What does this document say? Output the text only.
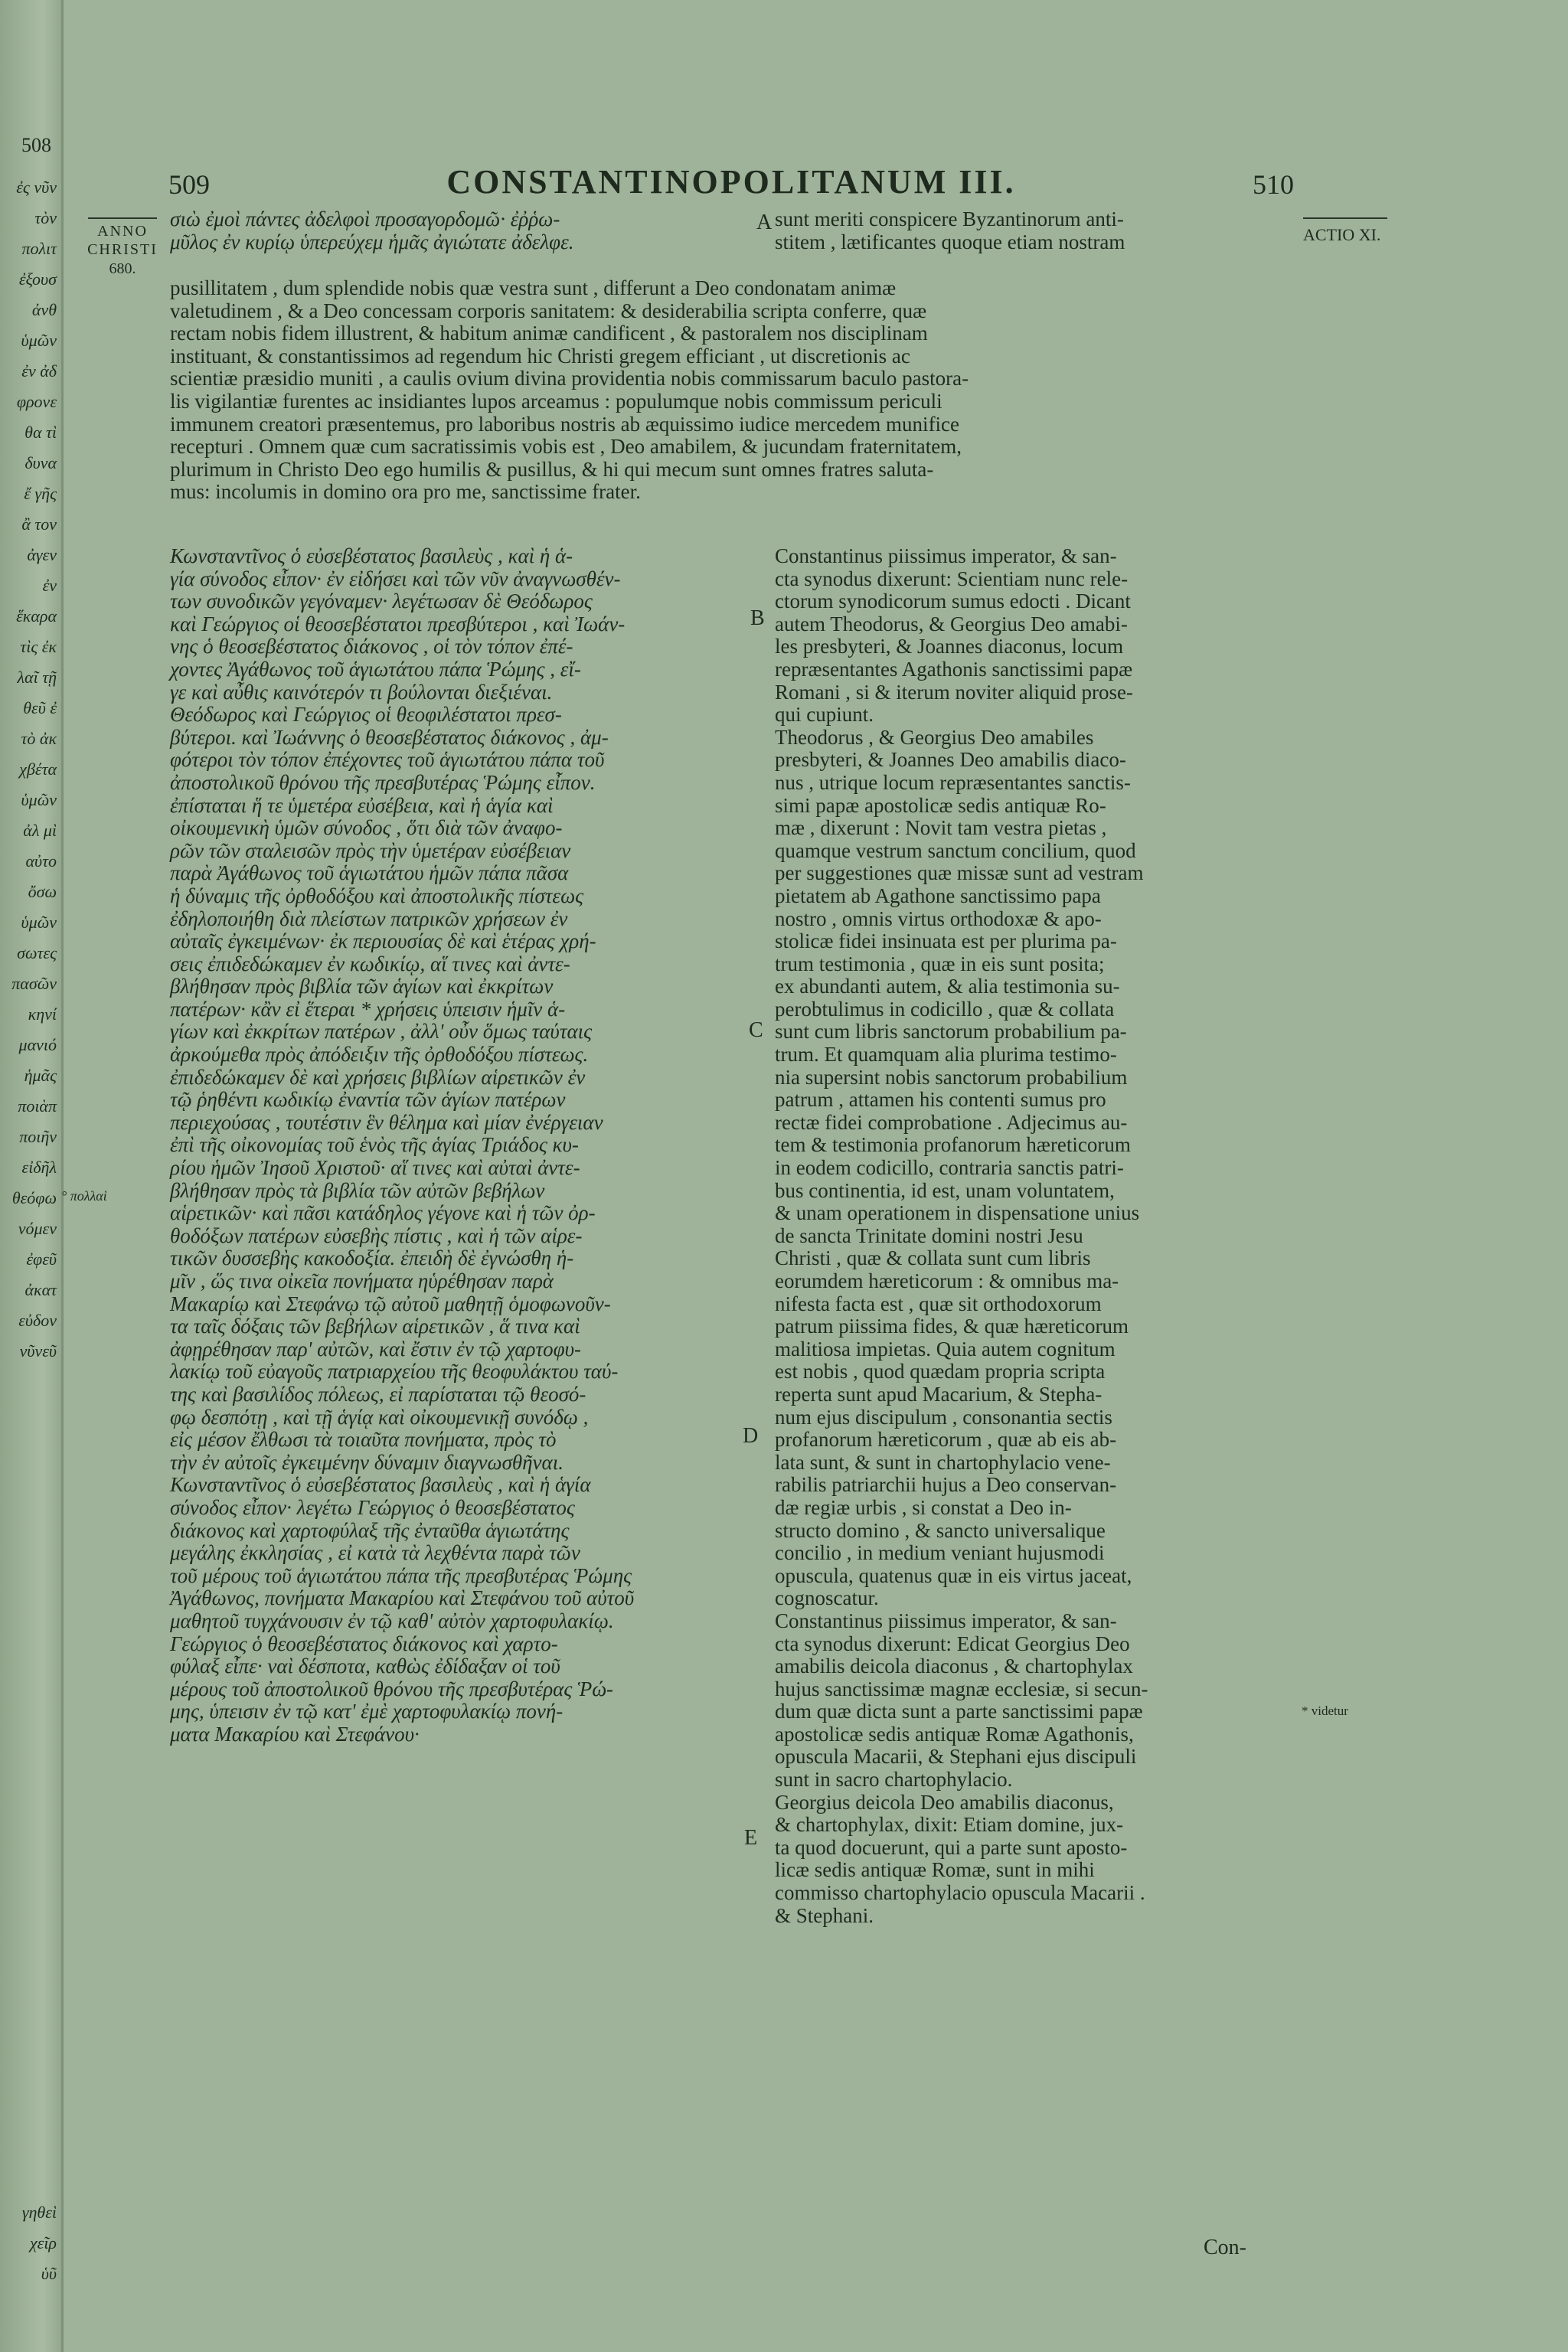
508
ἐς νῦν
τὸν
πολιτ
ἐξουσ
ἀνθ
ὑμῶν
ἐν ἀδ
φρονε
θα τὶ
δυνα
ἔ γῆς
ἂ τον
ἀγεν
ἐν
ἕκαρα
τὶς ἐκ
λαῖ τῇ
θεῦ ἐ
τὸ ἀκ
χβέτα
ὑμῶν
ἀλ μὶ
αὐτο
ὄσω
ὑμῶν
σωτες
πασῶν
κηνί
μανιό
ἡμᾶς
ποιὰπ
ποιῆν
εἰδῆλ
θεόφω
νόμεν
ἐφεῦ
ἀκατ
εὐδον
νῦνεῦ
γηθεὶ
χεῖρ
ὑῦ
509	CONSTANTINOPOLITANUM III.	510
ANNO
CHRISTI
680.
ACTIO XI.
° πολλαὶ
* videtur
A
B
C
D
E
σιὼ ἐμοὶ πάντες ἀδελφοὶ προσαγορδομῶ· ἐῤῥω-
μῦλος ἐν κυρίῳ ὑπερεύχεμ ἡμᾶς ἀγιώτατε ἀδελφε.
sunt meriti conspicere Byzantinorum anti-
stitem , lætificantes quoque etiam nostram
pusillitatem , dum splendide nobis quæ vestra sunt , differunt a Deo condonatam animæ
valetudinem , & a Deo concessam corporis sanitatem: & desiderabilia scripta conferre, quæ
rectam nobis fidem illustrent, & habitum animæ candificent , & pastoralem nos disciplinam
instituant, & constantissimos ad regendum hic Christi gregem efficiant , ut discretionis ac
scientiæ præsidio muniti , a caulis ovium divina providentia nobis commissarum baculo pastora-
lis vigilantiæ furentes ac insidiantes lupos arceamus : populumque nobis commissum periculi
immunem creatori præsentemus, pro laboribus nostris ab æquissimo iudice mercedem munifice
recepturi . Omnem quæ cum sacratissimis vobis est , Deo amabilem, & jucundam fraternitatem,
plurimum in Christo Deo ego humilis & pusillus, & hi qui mecum sunt omnes fratres saluta-
mus: incolumis in domino ora pro me, sanctissime frater.
Κωνσταντῖνος ὁ εὐσεβέστατος βασιλεὺς , καὶ ἡ ἁ-
γία σύνοδος εἶπον· ἐν εἰδήσει καὶ τῶν νῦν ἀναγνωσθέν-
των συνοδικῶν γεγόναμεν· λεγέτωσαν δὲ Θεόδωρος
καὶ Γεώργιος οἱ θεοσεβέστατοι πρεσβύτεροι , καὶ Ἰωάν-
νης ὁ θεοσεβέστατος διάκονος , οἱ τὸν τόπον ἐπέ-
χοντες Ἀγάθωνος τοῦ ἁγιωτάτου πάπα Ῥώμης , εἴ-
γε καὶ αὖθις καινότερόν τι βούλονται διεξιέναι.
Θεόδωρος καὶ Γεώργιος οἱ θεοφιλέστατοι πρεσ-
βύτεροι. καὶ Ἰωάννης ὁ θεοσεβέστατος διάκονος , ἀμ-
φότεροι τὸν τόπον ἐπέχοντες τοῦ ἁγιωτάτου πάπα τοῦ
ἀποστολικοῦ θρόνου τῆς πρεσβυτέρας Ῥώμης εἶπον.
ἐπίσταται ἥ τε ὑμετέρα εὐσέβεια, καὶ ἡ ἁγία καὶ
οἰκουμενικὴ ὑμῶν σύνοδος , ὅτι διὰ τῶν ἀναφο-
ρῶν τῶν σταλεισῶν πρὸς τὴν ὑμετέραν εὐσέβειαν
παρὰ Ἀγάθωνος τοῦ ἁγιωτάτου ἡμῶν πάπα πᾶσα
ἡ δύναμις τῆς ὀρθοδόξου καὶ ἀποστολικῆς πίστεως
ἐδηλοποιήθη διὰ πλείστων πατρικῶν χρήσεων ἐν
αὐταῖς ἐγκειμένων· ἐκ περιουσίας δὲ καὶ ἑτέρας χρή-
σεις ἐπιδεδώκαμεν ἐν κωδικίῳ, αἵ τινες καὶ ἀντε-
βλήθησαν πρὸς βιβλία τῶν ἁγίων καὶ ἐκκρίτων
πατέρων· κἂν εἰ ἕτεραι * χρήσεις ὑπεισιν ἡμῖν ἁ-
γίων καὶ ἐκκρίτων πατέρων , ἀλλ' οὖν ὅμως ταύταις
ἀρκούμεθα πρὸς ἀπόδειξιν τῆς ὀρθοδόξου πίστεως.
ἐπιδεδώκαμεν δὲ καὶ χρήσεις βιβλίων αἱρετικῶν ἐν
τῷ ῥηθέντι κωδικίῳ ἐναντία τῶν ἁγίων πατέρων
περιεχούσας , τουτέστιν ἓν θέλημα καὶ μίαν ἐνέργειαν
ἐπὶ τῆς οἰκονομίας τοῦ ἑνὸς τῆς ἁγίας Τριάδος κυ-
ρίου ἡμῶν Ἰησοῦ Χριστοῦ· αἵ τινες καὶ αὐταὶ ἀντε-
βλήθησαν πρὸς τὰ βιβλία τῶν αὐτῶν βεβήλων
αἱρετικῶν· καὶ πᾶσι κατάδηλος γέγονε καὶ ἡ τῶν ὀρ-
θοδόξων πατέρων εὐσεβὴς πίστις , καὶ ἡ τῶν αἱρε-
τικῶν δυσσεβὴς κακοδοξία. ἐπειδὴ δὲ ἐγνώσθη ἡ-
μῖν , ὥς τινα οἰκεῖα πονήματα ηὑρέθησαν παρὰ
Μακαρίῳ καὶ Στεφάνῳ τῷ αὐτοῦ μαθητῇ ὁμοφωνοῦν-
τα ταῖς δόξαις τῶν βεβήλων αἱρετικῶν , ἅ τινα καὶ
ἀφῃρέθησαν παρ' αὐτῶν, καὶ ἔστιν ἐν τῷ χαρτοφυ-
λακίῳ τοῦ εὐαγοῦς πατριαρχείου τῆς θεοφυλάκτου ταύ-
της καὶ βασιλίδος πόλεως, εἰ παρίσταται τῷ θεοσό-
φῳ δεσπότῃ , καὶ τῇ ἁγίᾳ καὶ οἰκουμενικῇ συνόδῳ ,
εἰς μέσον ἔλθωσι τὰ τοιαῦτα πονήματα, πρὸς τὸ
τὴν ἐν αὐτοῖς ἐγκειμένην δύναμιν διαγνωσθῆναι.
Κωνσταντῖνος ὁ εὐσεβέστατος βασιλεὺς , καὶ ἡ ἁγία
σύνοδος εἶπον· λεγέτω Γεώργιος ὁ θεοσεβέστατος
διάκονος καὶ χαρτοφύλαξ τῆς ἐνταῦθα ἁγιωτάτης
μεγάλης ἐκκλησίας , εἰ κατὰ τὰ λεχθέντα παρὰ τῶν
τοῦ μέρους τοῦ ἁγιωτάτου πάπα τῆς πρεσβυτέρας Ῥώμης
Ἀγάθωνος, πονήματα Μακαρίου καὶ Στεφάνου τοῦ αὐτοῦ
μαθητοῦ τυγχάνουσιν ἐν τῷ καθ' αὐτὸν χαρτοφυλακίῳ.
Γεώργιος ὁ θεοσεβέστατος διάκονος καὶ χαρτο-
φύλαξ εἶπε· ναὶ δέσποτα, καθὼς ἐδίδαξαν οἱ τοῦ
μέρους τοῦ ἀποστολικοῦ θρόνου τῆς πρεσβυτέρας Ῥώ-
μης, ὑπεισιν ἐν τῷ κατ' ἐμὲ χαρτοφυλακίῳ πονή-
ματα Μακαρίου καὶ Στεφάνου·
Constantinus piissimus imperator, & san-
cta synodus dixerunt: Scientiam nunc rele-
ctorum synodicorum sumus edocti . Dicant
autem Theodorus, & Georgius Deo amabi-
les presbyteri, & Joannes diaconus, locum
repræsentantes Agathonis sanctissimi papæ
Romani , si & iterum noviter aliquid prose-
qui cupiunt.
Theodorus , & Georgius Deo amabiles
presbyteri, & Joannes Deo amabilis diaco-
nus , utrique locum repræsentantes sanctis-
simi papæ apostolicæ sedis antiquæ Ro-
mæ , dixerunt : Novit tam vestra pietas ,
quamque vestrum sanctum concilium, quod
per suggestiones quæ missæ sunt ad vestram
pietatem ab Agathone sanctissimo papa
nostro , omnis virtus orthodoxæ & apo-
stolicæ fidei insinuata est per plurima pa-
trum testimonia , quæ in eis sunt posita;
ex abundanti autem, & alia testimonia su-
perobtulimus in codicillo , quæ & collata
sunt cum libris sanctorum probabilium pa-
trum. Et quamquam alia plurima testimo-
nia supersint nobis sanctorum probabilium
patrum , attamen his contenti sumus pro
rectæ fidei comprobatione . Adjecimus au-
tem & testimonia profanorum hæreticorum
in eodem codicillo, contraria sanctis patri-
bus continentia, id est, unam voluntatem,
& unam operationem in dispensatione unius
de sancta Trinitate domini nostri Jesu
Christi , quæ & collata sunt cum libris
eorumdem hæreticorum : & omnibus ma-
nifesta facta est , quæ sit orthodoxorum
patrum piissima fides, & quæ hæreticorum
malitiosa impietas. Quia autem cognitum
est nobis , quod quædam propria scripta
reperta sunt apud Macarium, & Stepha-
num ejus discipulum , consonantia sectis
profanorum hæreticorum , quæ ab eis ab-
lata sunt, & sunt in chartophylacio vene-
rabilis patriarchii hujus a Deo conservan-
dæ regiæ urbis , si constat a Deo in-
structo domino , & sancto universalique
concilio , in medium veniant hujusmodi
opuscula, quatenus quæ in eis virtus jaceat,
cognoscatur.
Constantinus piissimus imperator, & san-
cta synodus dixerunt: Edicat Georgius Deo
amabilis deicola diaconus , & chartophylax
hujus sanctissimæ magnæ ecclesiæ, si secun-
dum quæ dicta sunt a parte sanctissimi papæ
apostolicæ sedis antiquæ Romæ Agathonis,
opuscula Macarii, & Stephani ejus discipuli
sunt in sacro chartophylacio.
Georgius deicola Deo amabilis diaconus,
& chartophylax, dixit: Etiam domine, jux-
ta quod docuerunt, qui a parte sunt aposto-
licæ sedis antiquæ Romæ, sunt in mihi
commisso chartophylacio opuscula Macarii .
& Stephani.
Con-
